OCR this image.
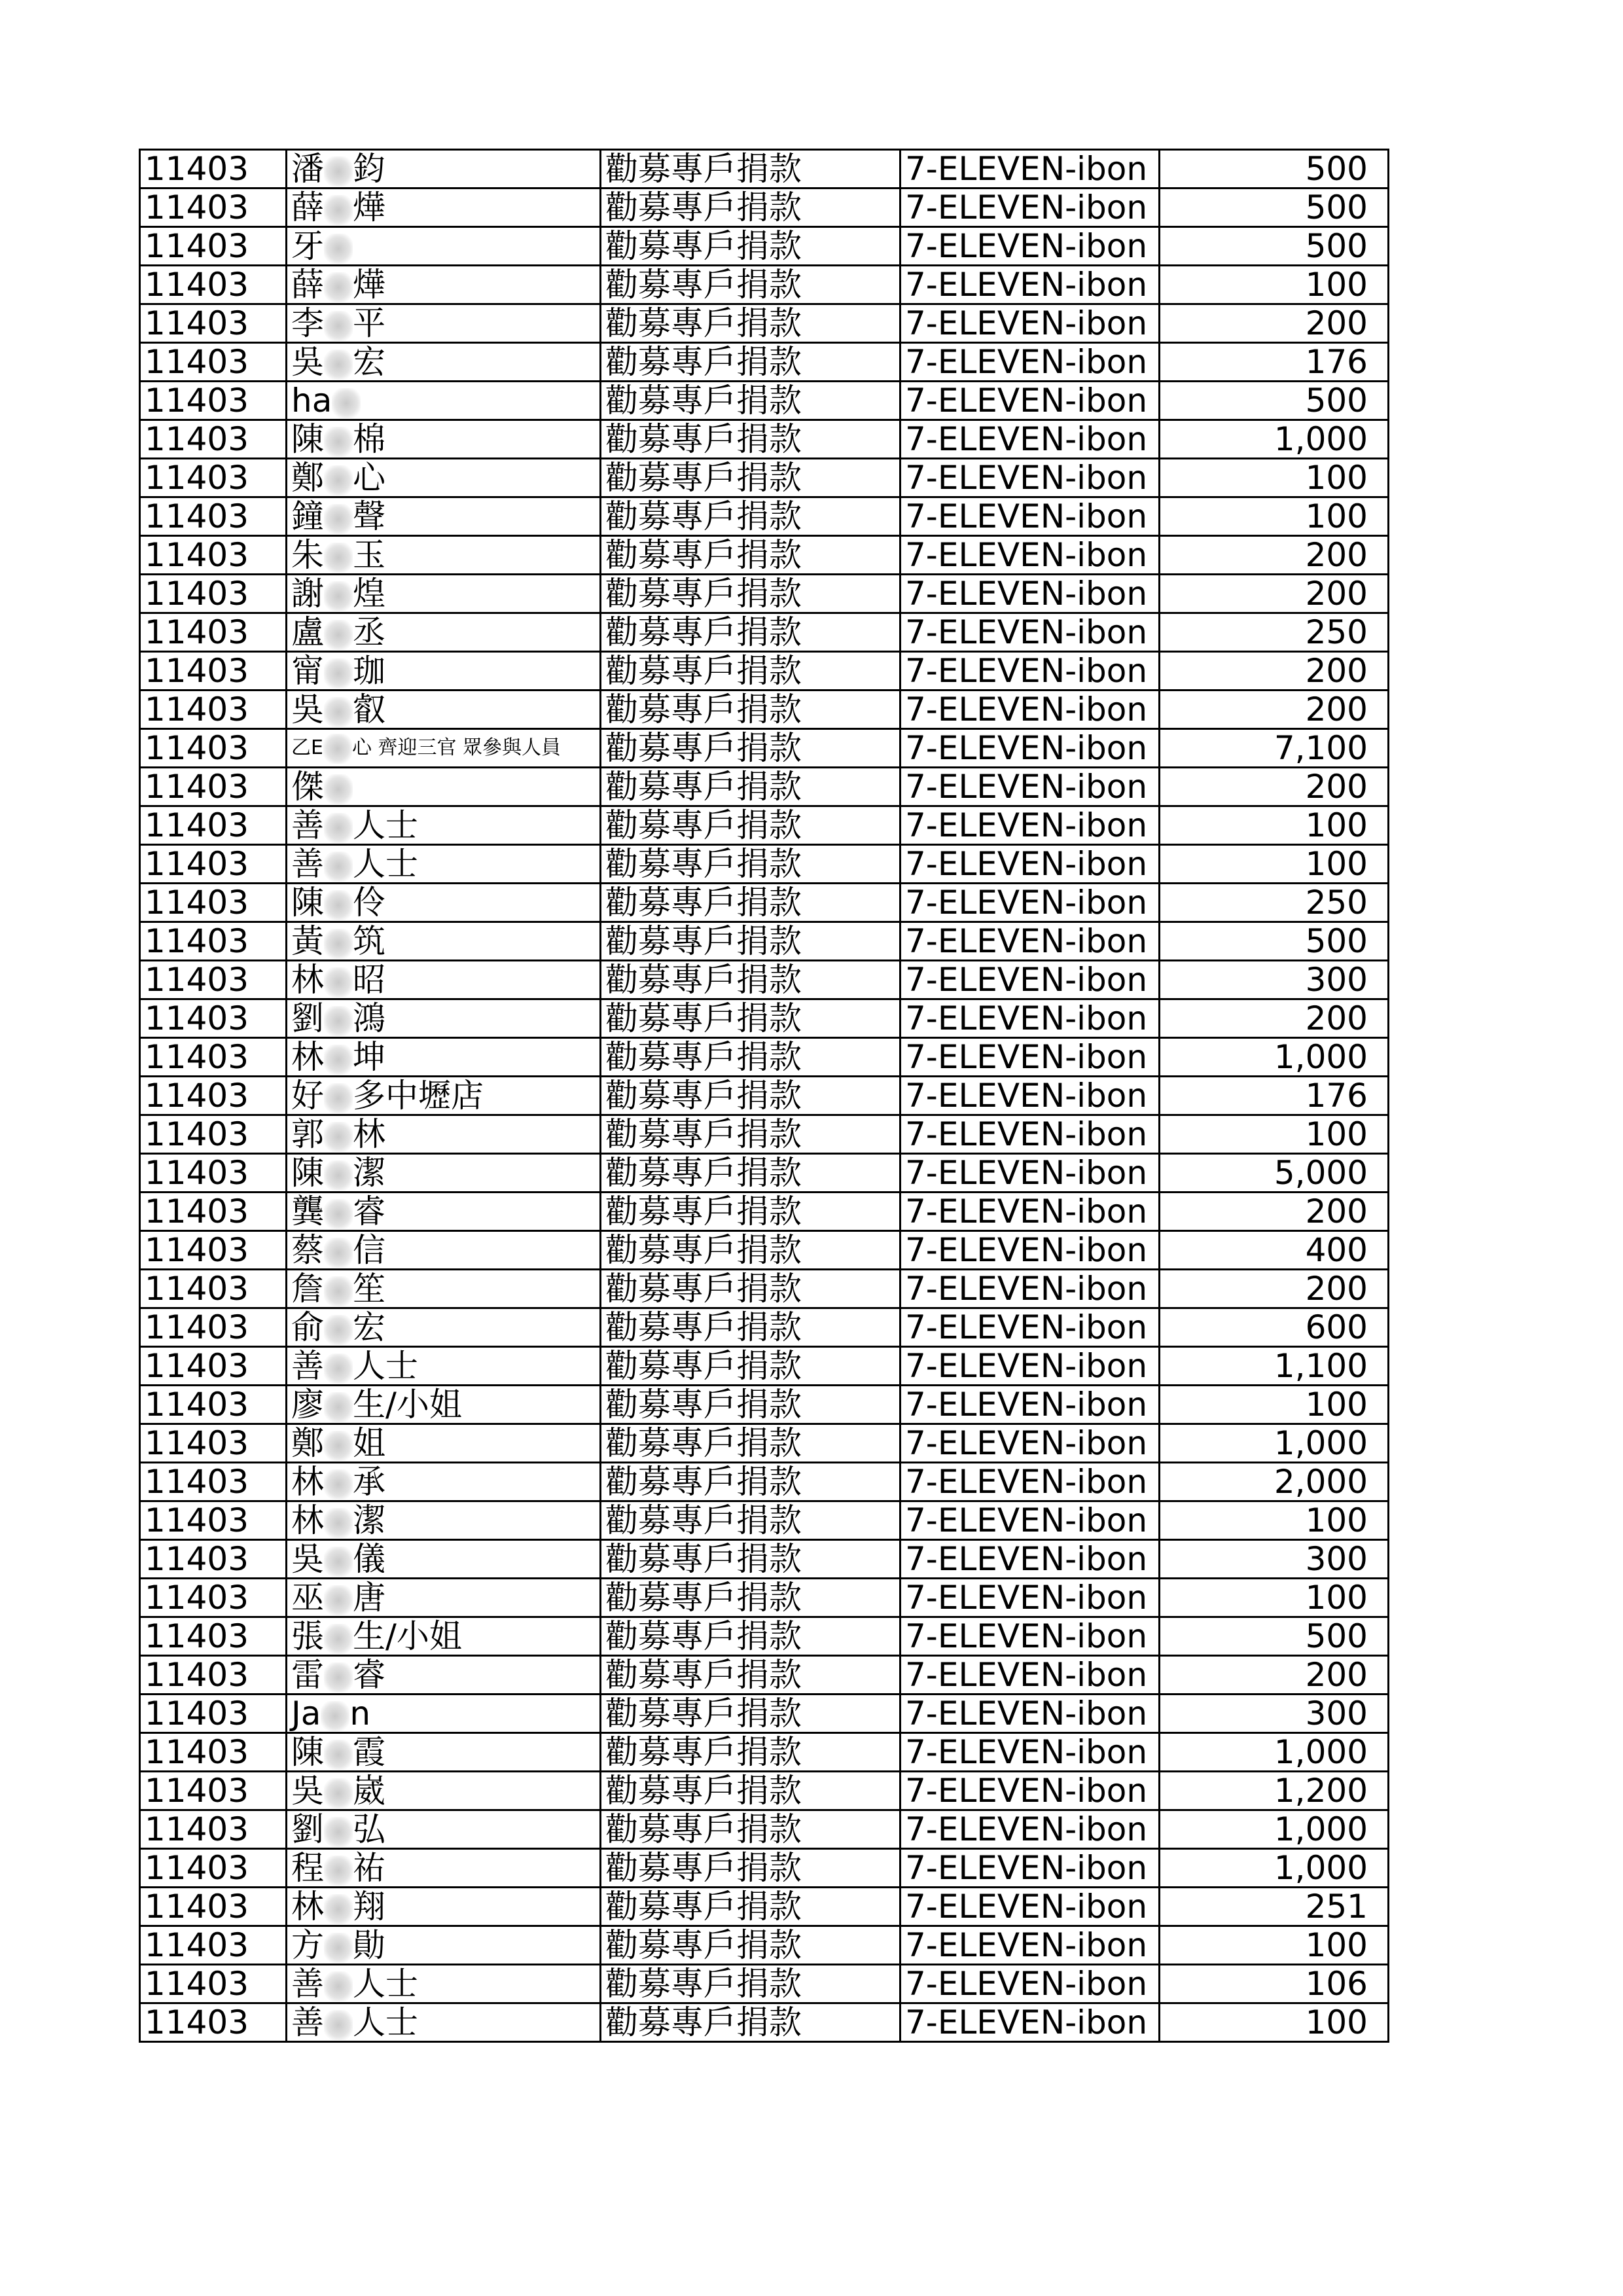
11403	潘 鈞	勸募專戶捐款	7-ELEVEN-ibon	500
11403	薛 燁	勸募專戶捐款	7-ELEVEN-ibon	500
11403	牙	勸募專戶捐款	7-ELEVEN-ibon	500
11403	薛 燁	勸募專戶捐款	7-ELEVEN-ibon	100
11403	李 平	勸募專戶捐款	7-ELEVEN-ibon	200
11403	吳 宏	勸募專戶捐款	7-ELEVEN-ibon	176
11403	ha	勸募專戶捐款	7-ELEVEN-ibon	500
11403	陳 棉	勸募專戶捐款	7-ELEVEN-ibon	1,000
11403	鄭 心	勸募專戶捐款	7-ELEVEN-ibon	100
11403	鐘 聲	勸募專戶捐款	7-ELEVEN-ibon	100
11403	朱 玉	勸募專戶捐款	7-ELEVEN-ibon	200
11403	謝 煌	勸募專戶捐款	7-ELEVEN-ibon	200
11403	盧 丞	勸募專戶捐款	7-ELEVEN-ibon	250
11403	甯 珈	勸募專戶捐款	7-ELEVEN-ibon	200
11403	吳 叡	勸募專戶捐款	7-ELEVEN-ibon	200
11403	乙E 心 齊迎三官 眾參與人員	勸募專戶捐款	7-ELEVEN-ibon	7,100
11403	傑	勸募專戶捐款	7-ELEVEN-ibon	200
11403	善 人士	勸募專戶捐款	7-ELEVEN-ibon	100
11403	善 人士	勸募專戶捐款	7-ELEVEN-ibon	100
11403	陳 伶	勸募專戶捐款	7-ELEVEN-ibon	250
11403	黃 筑	勸募專戶捐款	7-ELEVEN-ibon	500
11403	林 昭	勸募專戶捐款	7-ELEVEN-ibon	300
11403	劉 鴻	勸募專戶捐款	7-ELEVEN-ibon	200
11403	林 坤	勸募專戶捐款	7-ELEVEN-ibon	1,000
11403	好 多中壢店	勸募專戶捐款	7-ELEVEN-ibon	176
11403	郭 林	勸募專戶捐款	7-ELEVEN-ibon	100
11403	陳 潔	勸募專戶捐款	7-ELEVEN-ibon	5,000
11403	龔 睿	勸募專戶捐款	7-ELEVEN-ibon	200
11403	蔡 信	勸募專戶捐款	7-ELEVEN-ibon	400
11403	詹 笙	勸募專戶捐款	7-ELEVEN-ibon	200
11403	俞 宏	勸募專戶捐款	7-ELEVEN-ibon	600
11403	善 人士	勸募專戶捐款	7-ELEVEN-ibon	1,100
11403	廖 生/小姐	勸募專戶捐款	7-ELEVEN-ibon	100
11403	鄭 姐	勸募專戶捐款	7-ELEVEN-ibon	1,000
11403	林 承	勸募專戶捐款	7-ELEVEN-ibon	2,000
11403	林 潔	勸募專戶捐款	7-ELEVEN-ibon	100
11403	吳 儀	勸募專戶捐款	7-ELEVEN-ibon	300
11403	巫 唐	勸募專戶捐款	7-ELEVEN-ibon	100
11403	張 生/小姐	勸募專戶捐款	7-ELEVEN-ibon	500
11403	雷 睿	勸募專戶捐款	7-ELEVEN-ibon	200
11403	Ja n	勸募專戶捐款	7-ELEVEN-ibon	300
11403	陳 霞	勸募專戶捐款	7-ELEVEN-ibon	1,000
11403	吳 崴	勸募專戶捐款	7-ELEVEN-ibon	1,200
11403	劉 弘	勸募專戶捐款	7-ELEVEN-ibon	1,000
11403	程 祐	勸募專戶捐款	7-ELEVEN-ibon	1,000
11403	林 翔	勸募專戶捐款	7-ELEVEN-ibon	251
11403	方 勛	勸募專戶捐款	7-ELEVEN-ibon	100
11403	善 人士	勸募專戶捐款	7-ELEVEN-ibon	106
11403	善 人士	勸募專戶捐款	7-ELEVEN-ibon	100
